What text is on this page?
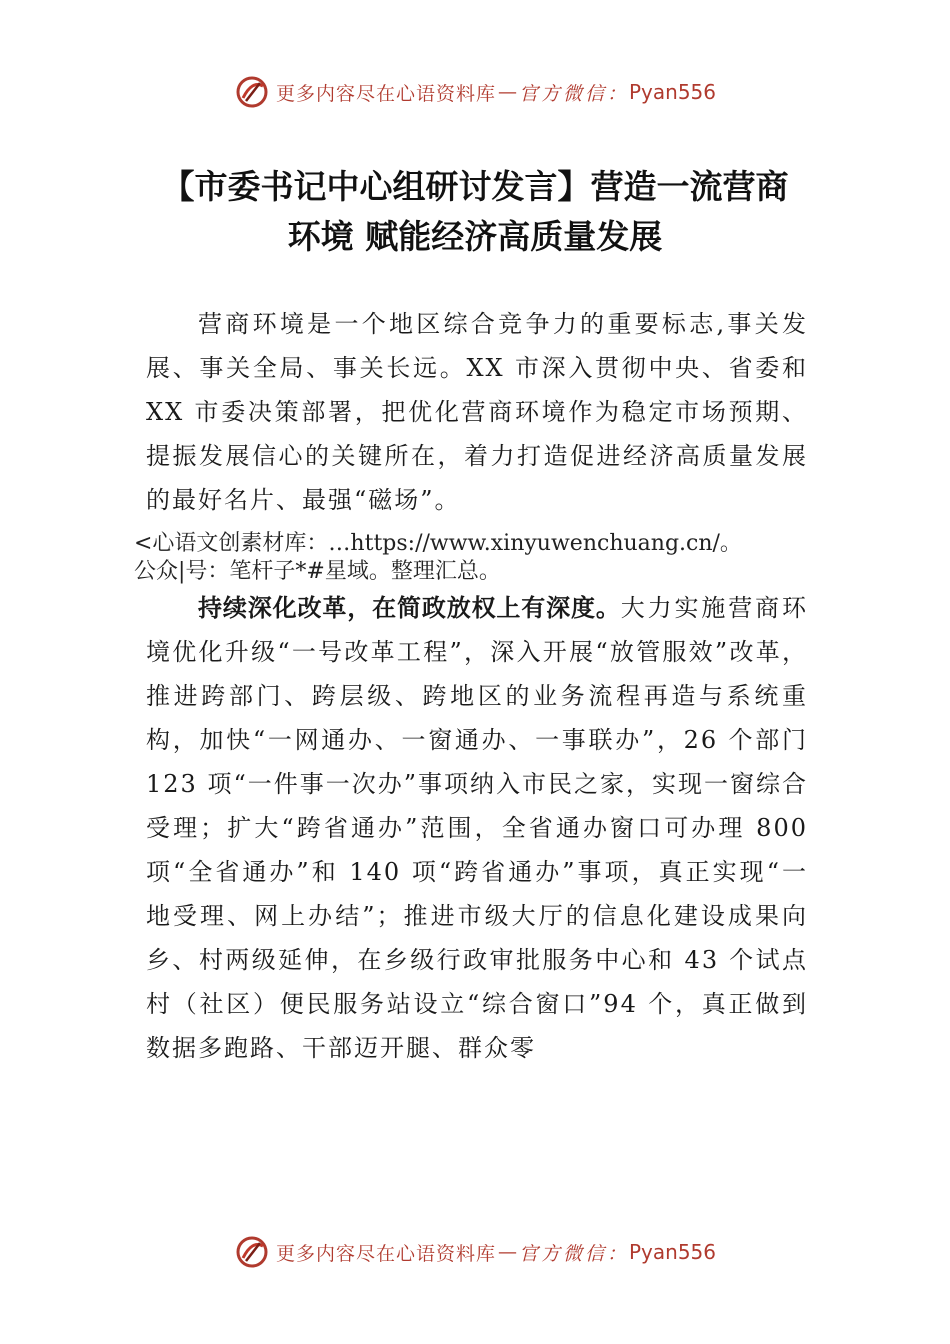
更多内容尽在心语资料库 — 官方微信： Pyan556
【市委书记中心组研讨发言】营造一流营商
环境 赋能经济高质量发展

营商环境是一个地区综合竞争力的重要标志,事关发展、事关全局、事关长远。XX 市深入贯彻中央、省委和 XX 市委决策部署，把优化营商环境作为稳定市场预期、提振发展信心的关键所在，着力打造促进经济高质量发展的最好名片、最强“磁场”。

<心语文创素材库：…https://www.xinyuwenchuang.cn/。
公众|号：笔杆子*#星域。整理汇总。

持续深化改革，在简政放权上有深度。大力实施营商环境优化升级“一号改革工程”，深入开展“放管服效”改革，推进跨部门、跨层级、跨地区的业务流程再造与系统重构，加快“一网通办、一窗通办、一事联办”，26 个部门 123 项“一件事一次办”事项纳入市民之家，实现一窗综合受理；扩大“跨省通办”范围，全省通办窗口可办理 800 项“全省通办”和 140 项“跨省通办”事项，真正实现“一地受理、网上办结”；推进市级大厅的信息化建设成果向乡、村两级延伸，在乡级行政审批服务中心和 43 个试点村（社区）便民服务站设立“综合窗口”94 个，真正做到数据多跑路、干部迈开腿、群众零

更多内容尽在心语资料库 — 官方微信： Pyan556
